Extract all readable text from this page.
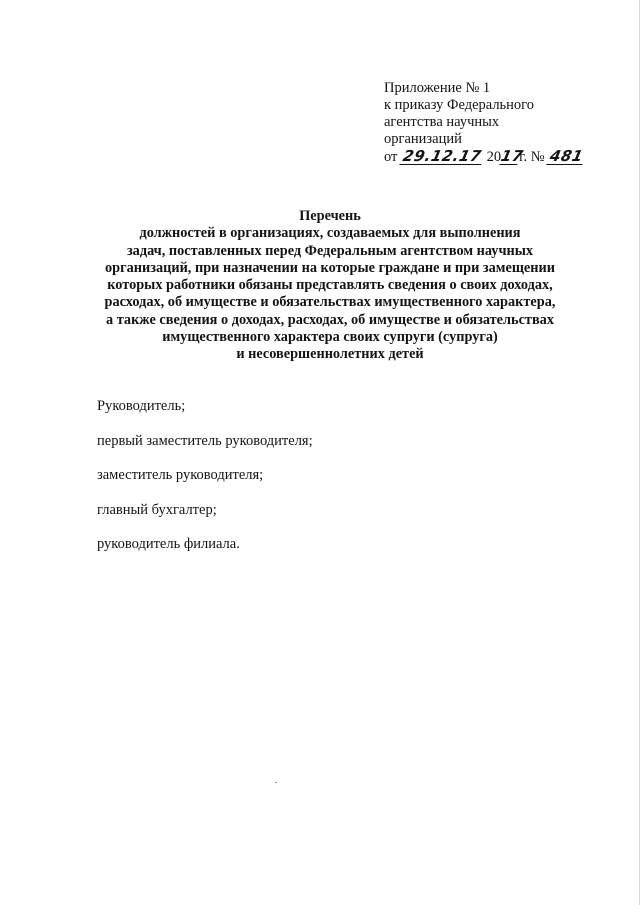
Приложение № 1
к приказу Федерального
агентства научных
организаций
от 29.12.17 2017г. № 481
Перечень
должностей в организациях, создаваемых для выполнения
задач, поставленных перед Федеральным агентством научных
организаций, при назначении на которые граждане и при замещении
которых работники обязаны представлять сведения о своих доходах,
расходах, об имуществе и обязательствах имущественного характера,
а также сведения о доходах, расходах, об имуществе и обязательствах
имущественного характера своих супруги (супруга)
и несовершеннолетних детей
Руководитель;
первый заместитель руководителя;
заместитель руководителя;
главный бухгалтер;
руководитель филиала.
